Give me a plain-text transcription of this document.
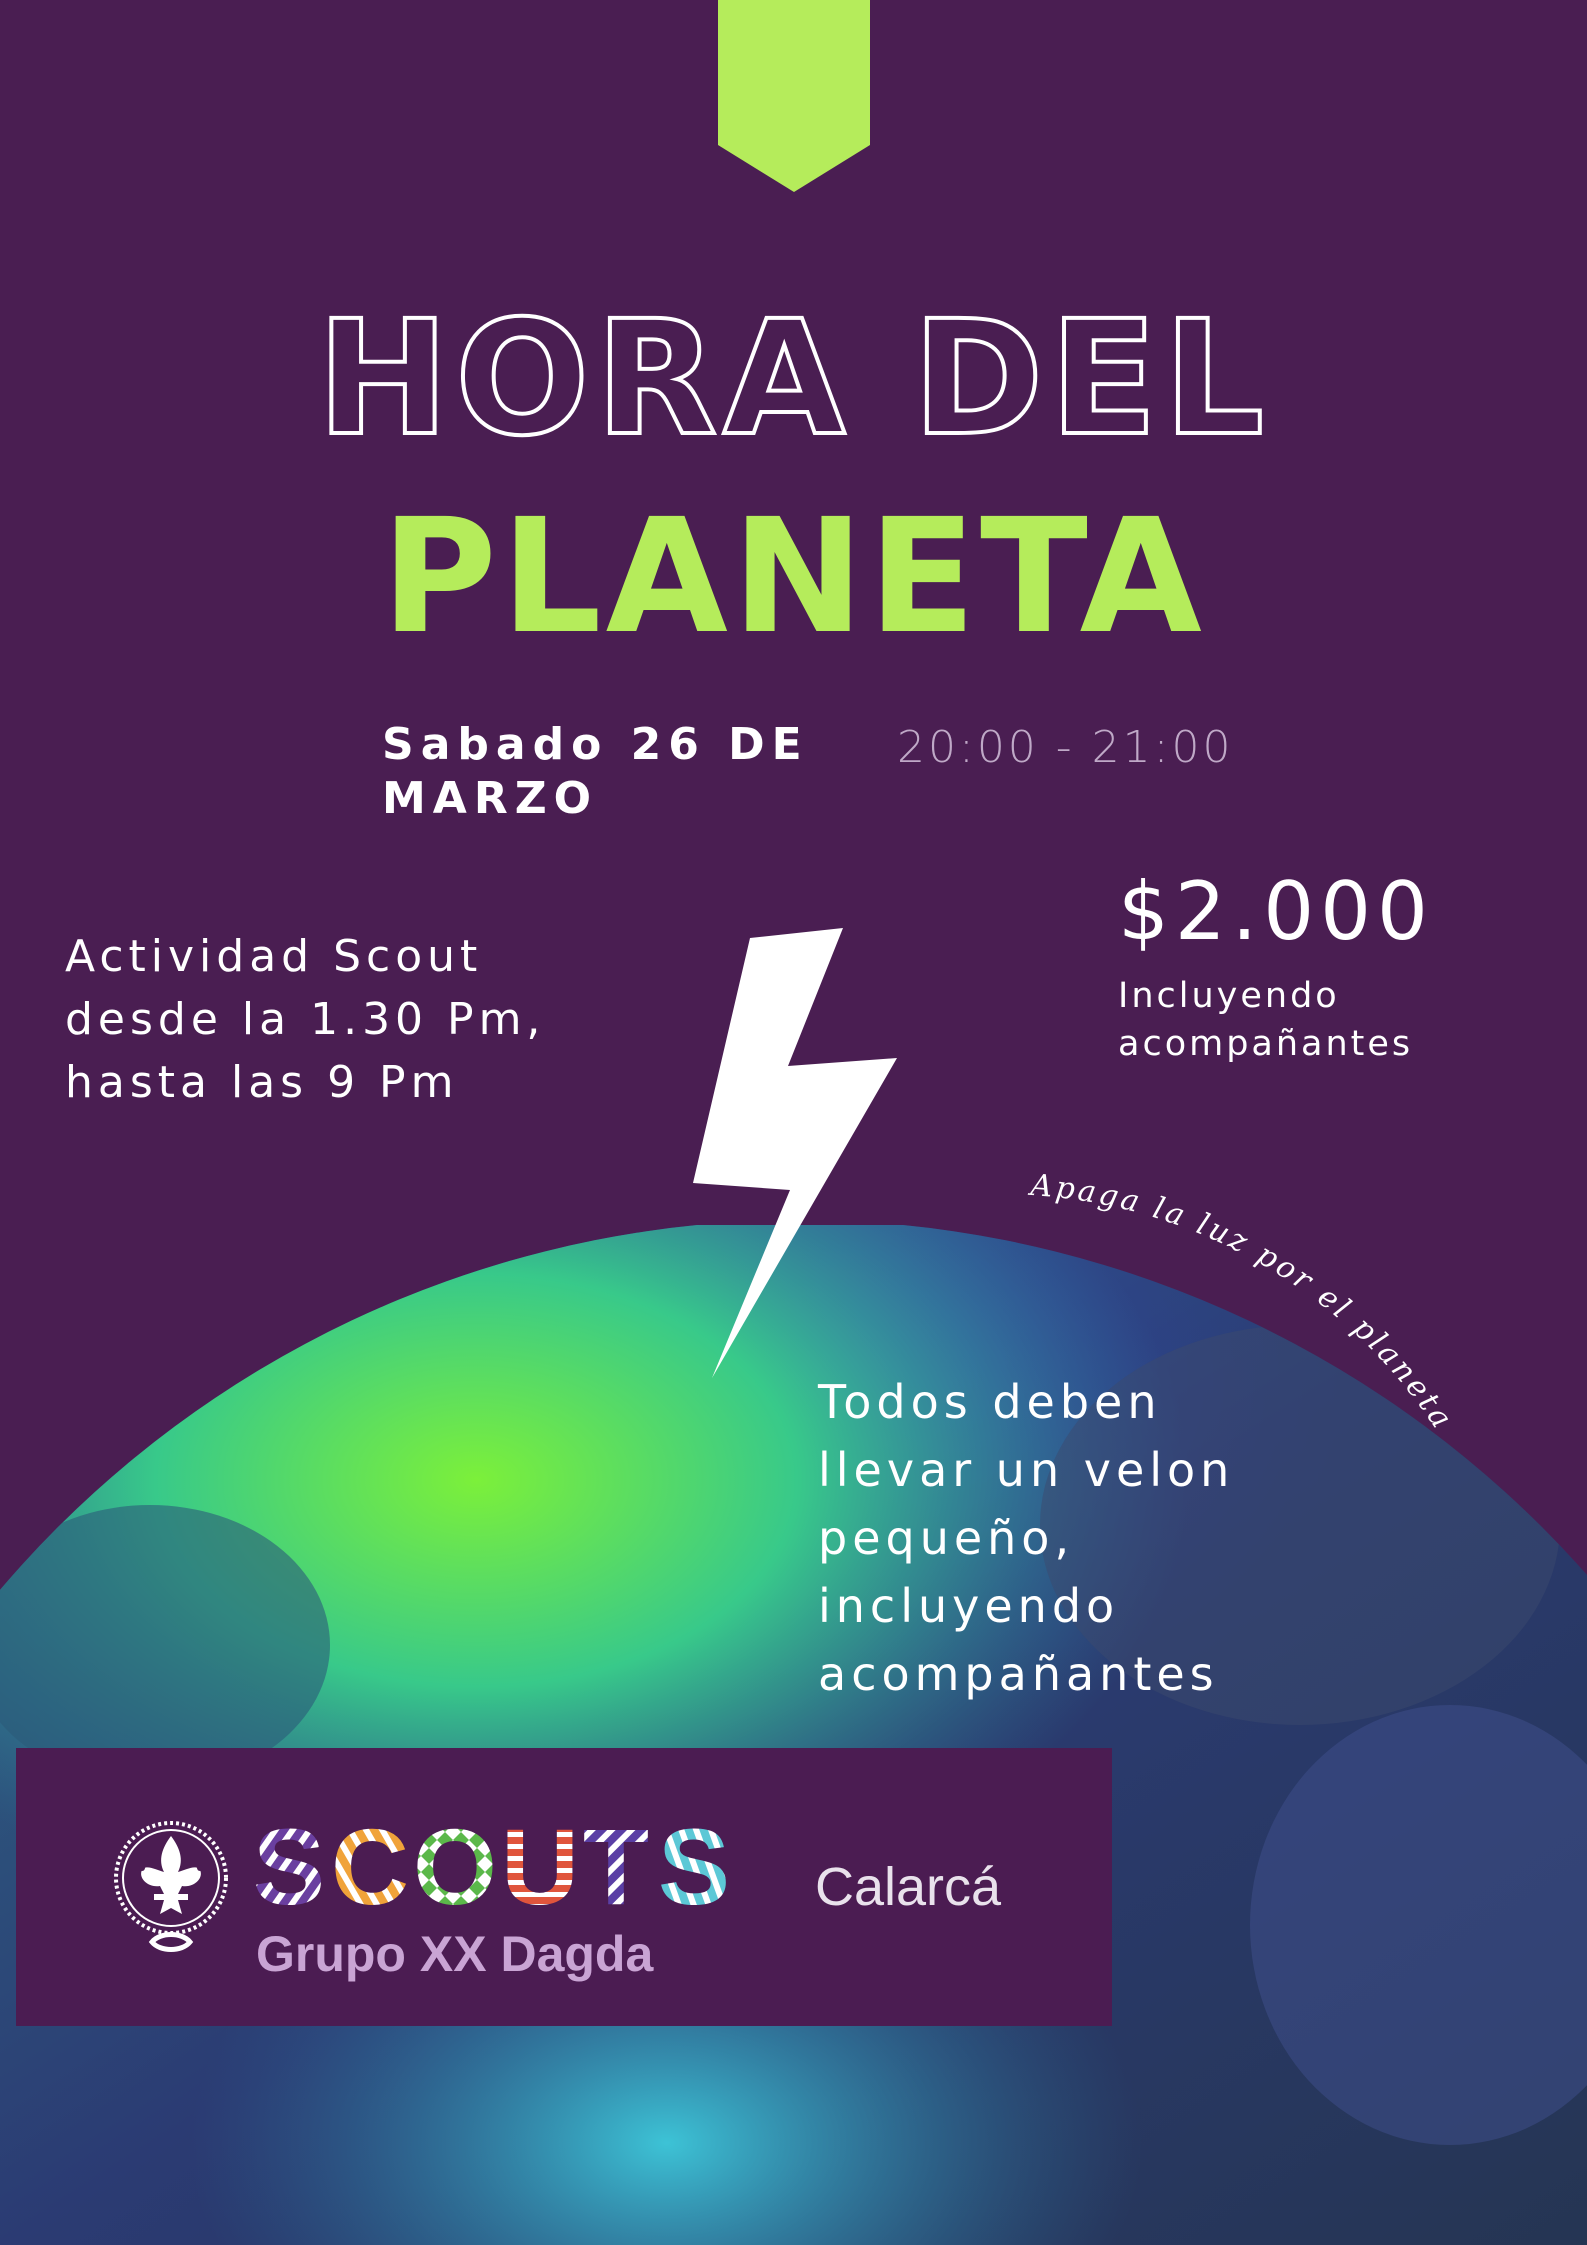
HORA DEL
PLANETA
Sabado 26 DE
MARZO
20:00 - 21:00
$2.000
Incluyendo
acompañantes
Actividad Scout
desde la 1.30 Pm,
hasta las 9 Pm
Apaga la luz por el planeta
Todos deben
llevar un velon
pequeño,
incluyendo
acompañantes
S C O U T S Calarcá
Grupo XX Dagda
